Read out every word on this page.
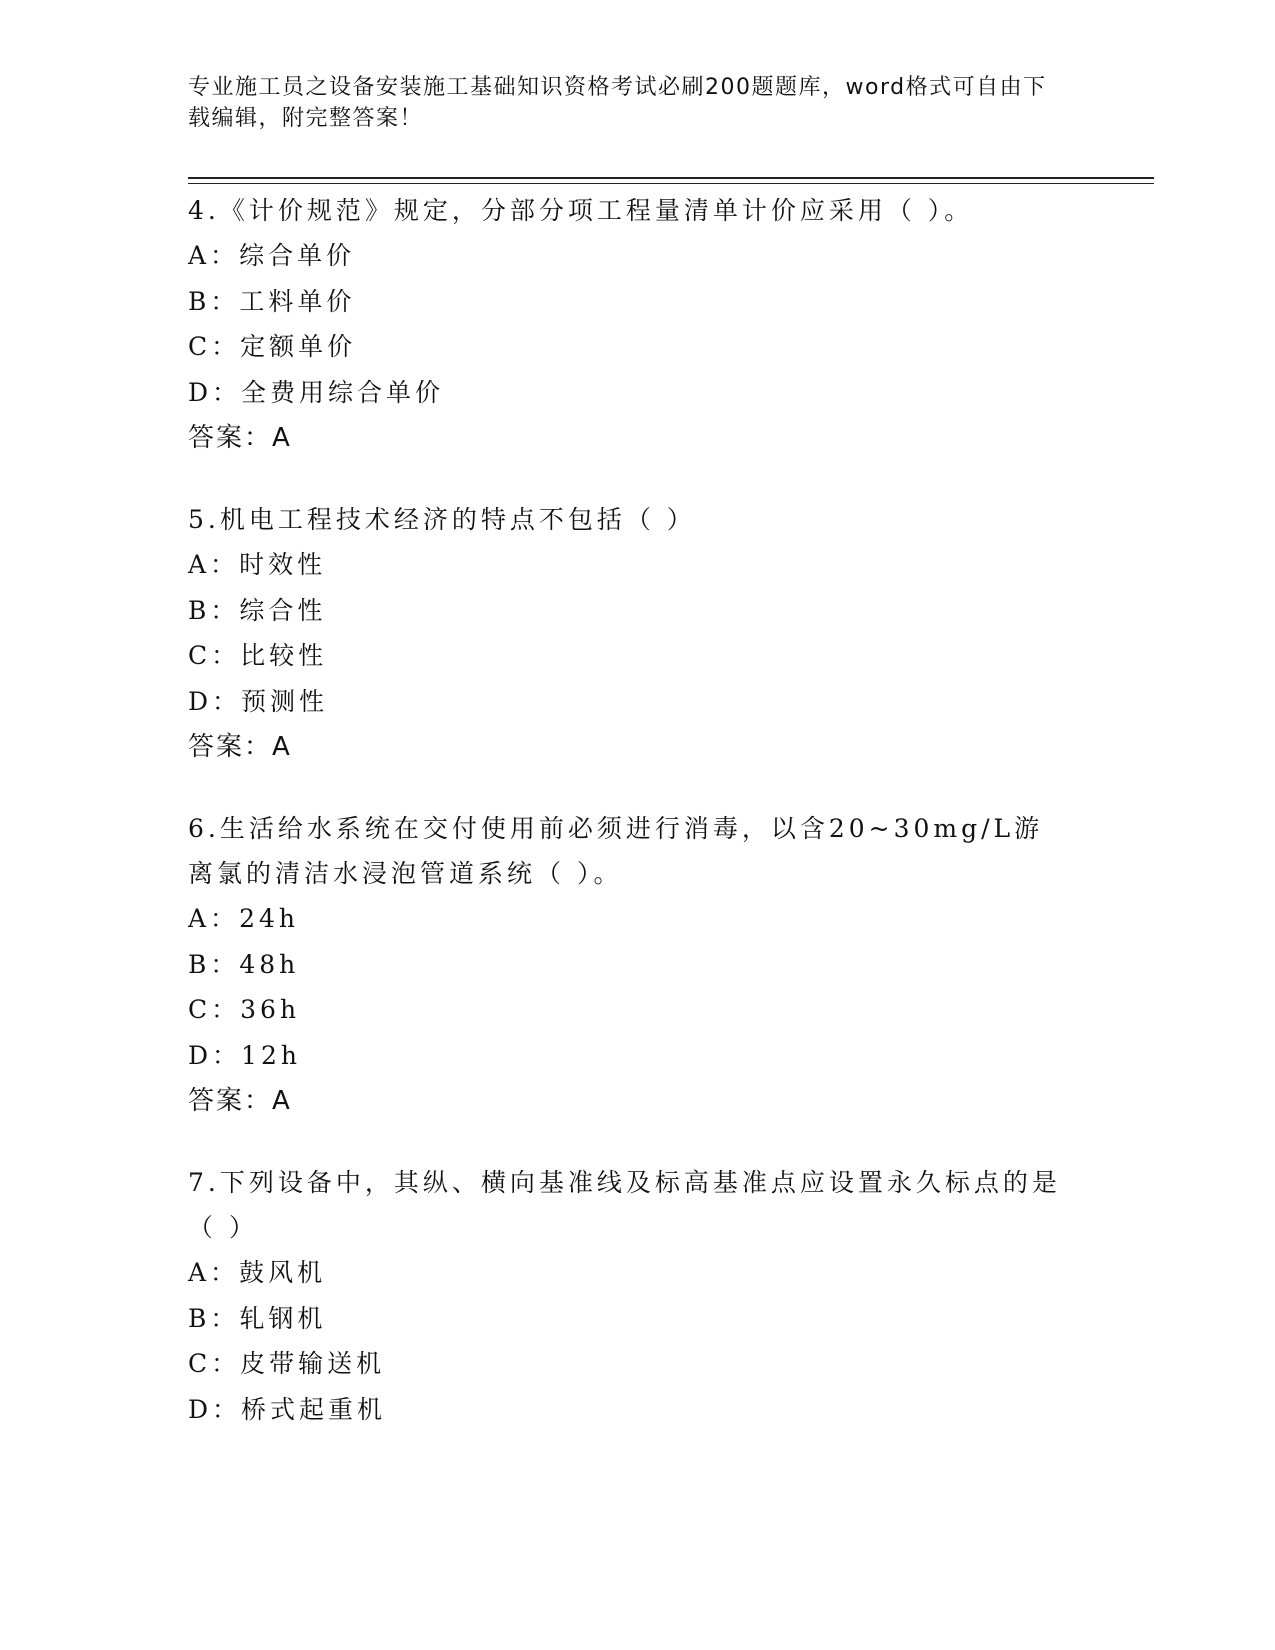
专业施工员之设备安装施工基础知识资格考试必刷200题题库，word格式可自由下载编辑，附完整答案！

4.《计价规范》规定，分部分项工程量清单计价应采用（ ）。

A：综合单价

B：工料单价

C：定额单价

D：全费用综合单价

答案：A

5.机电工程技术经济的特点不包括（ ）

A：时效性

B：综合性

C：比较性

D：预测性

答案：A

6.生活给水系统在交付使用前必须进行消毒，以含20~30mg/L游离氯的清洁水浸泡管道系统（ ）。

A：24h

B：48h

C：36h

D：12h

答案：A

7.下列设备中，其纵、横向基准线及标高基准点应设置永久标点的是（ ）

A：鼓风机

B：轧钢机

C：皮带输送机

D：桥式起重机
